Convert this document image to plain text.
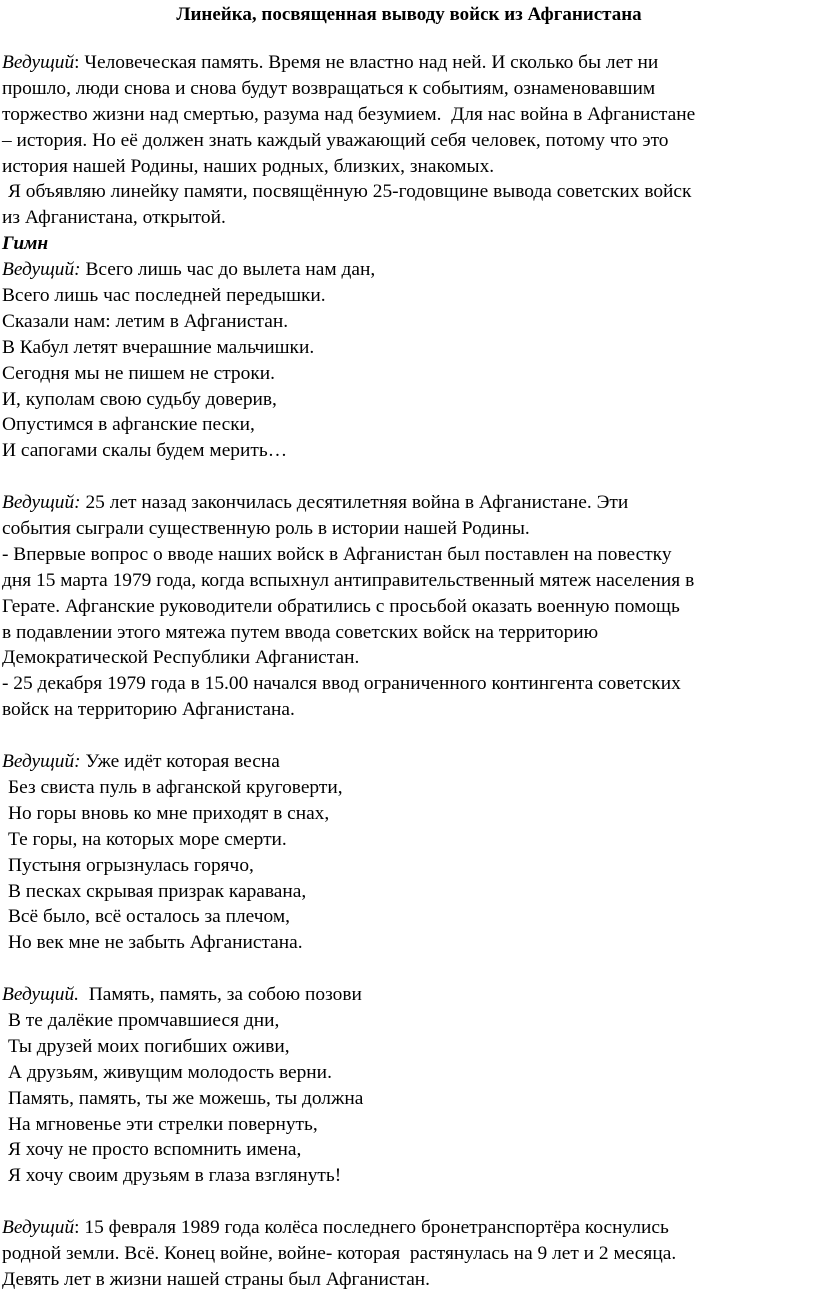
Линейка, посвященная выводу войск из Афганистана
Ведущий: Человеческая память. Время не властно над ней. И сколько бы лет ни
прошло, люди снова и снова будут возвращаться к событиям, ознаменовавшим
торжество жизни над смертью, разума над безумием.  Для нас война в Афганистане
– история. Но её должен знать каждый уважающий себя человек, потому что это
история нашей Родины, наших родных, близких, знакомых.
Я объявляю линейку памяти, посвящённую 25-годовщине вывода советских войск
из Афганистана, открытой.
Гимн
Ведущий: Всего лишь час до вылета нам дан,
Всего лишь час последней передышки.
Сказали нам: летим в Афганистан.
В Кабул летят вчерашние мальчишки.
Сегодня мы не пишем не строки.
И, куполам свою судьбу доверив,
Опустимся в афганские пески,
И сапогами скалы будем мерить…
Ведущий: 25 лет назад закончилась десятилетняя война в Афганистане. Эти
события сыграли существенную роль в истории нашей Родины.
- Впервые вопрос о вводе наших войск в Афганистан был поставлен на повестку
дня 15 марта 1979 года, когда вспыхнул антиправительственный мятеж населения в
Герате. Афганские руководители обратились с просьбой оказать военную помощь
в подавлении этого мятежа путем ввода советских войск на территорию
Демократической Республики Афганистан.
- 25 декабря 1979 года в 15.00 начался ввод ограниченного контингента советских
войск на территорию Афганистана.
Ведущий: Уже идёт которая весна
Без свиста пуль в афганской круговерти,
Но горы вновь ко мне приходят в снах,
Те горы, на которых море смерти.
Пустыня огрызнулась горячо,
В песках скрывая призрак каравана,
Всё было, всё осталось за плечом,
Но век мне не забыть Афганистана.
Ведущий.  Память, память, за собою позови
В те далёкие промчавшиеся дни,
Ты друзей моих погибших оживи,
А друзьям, живущим молодость верни.
Память, память, ты же можешь, ты должна
На мгновенье эти стрелки повернуть,
Я хочу не просто вспомнить имена,
Я хочу своим друзьям в глаза взглянуть!
Ведущий: 15 февраля 1989 года колёса последнего бронетранспортёра коснулись
родной земли. Всё. Конец войне, войне- которая  растянулась на 9 лет и 2 месяца.
Девять лет в жизни нашей страны был Афганистан.
